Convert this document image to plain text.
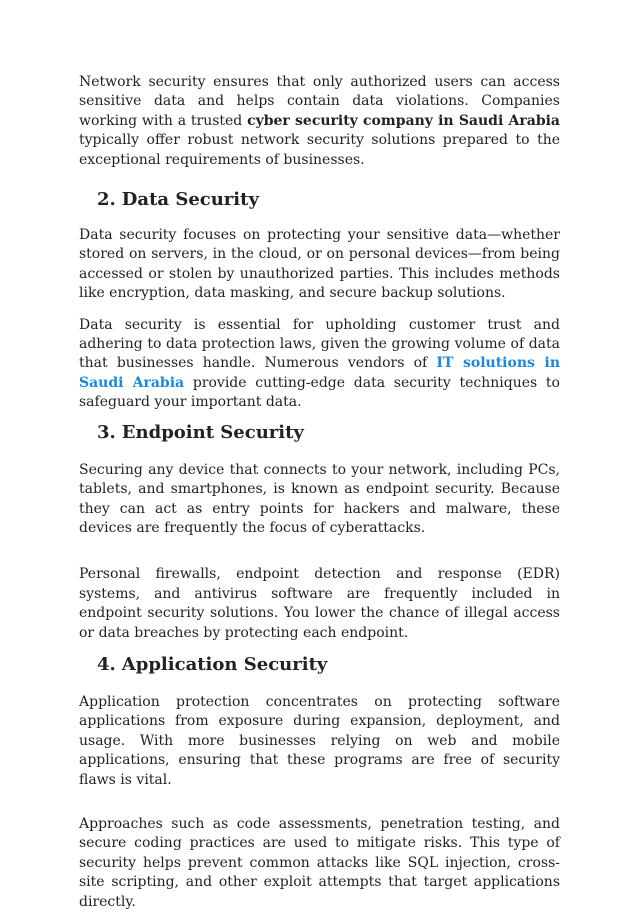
Network security ensures that only authorized users can access sensitive data and helps contain data violations. Companies working with a trusted cyber security company in Saudi Arabia typically offer robust network security solutions prepared to the exceptional requirements of businesses.

2. Data Security

Data security focuses on protecting your sensitive data—whether stored on servers, in the cloud, or on personal devices—from being accessed or stolen by unauthorized parties. This includes methods like encryption, data masking, and secure backup solutions.

Data security is essential for upholding customer trust and adhering to data protection laws, given the growing volume of data that businesses handle. Numerous vendors of IT solutions in Saudi Arabia provide cutting-edge data security techniques to safeguard your important data.

3. Endpoint Security

Securing any device that connects to your network, including PCs, tablets, and smartphones, is known as endpoint security. Because they can act as entry points for hackers and malware, these devices are frequently the focus of cyberattacks.

Personal firewalls, endpoint detection and response (EDR) systems, and antivirus software are frequently included in endpoint security solutions. You lower the chance of illegal access or data breaches by protecting each endpoint.

4. Application Security

Application protection concentrates on protecting software applications from exposure during expansion, deployment, and usage. With more businesses relying on web and mobile applications, ensuring that these programs are free of security flaws is vital.

Approaches such as code assessments, penetration testing, and secure coding practices are used to mitigate risks. This type of security helps prevent common attacks like SQL injection, cross-site scripting, and other exploit attempts that target applications directly.
